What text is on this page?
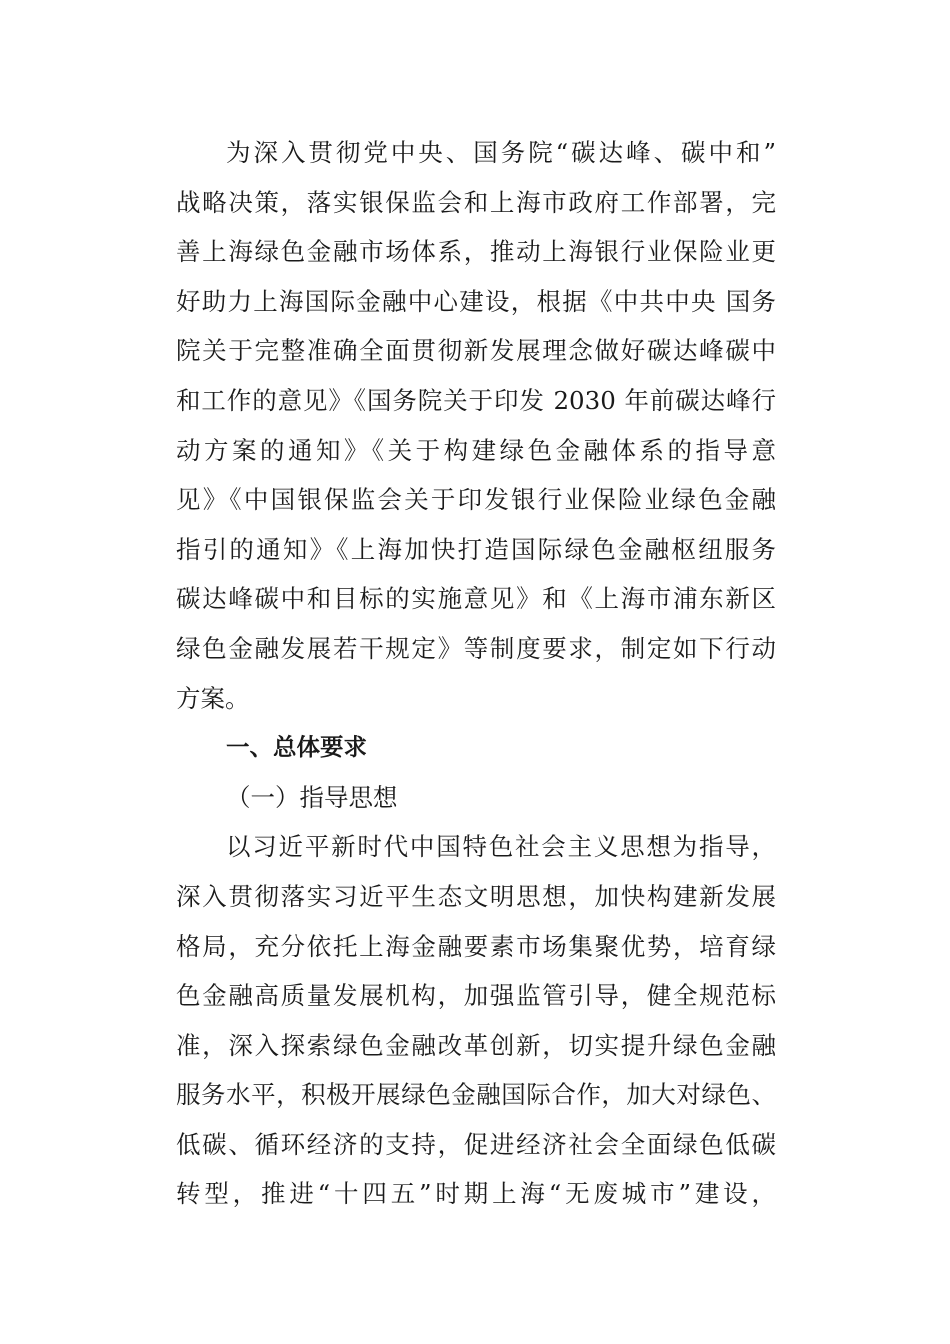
为深入贯彻党中央、国务院“碳达峰、碳中和”
战略决策，落实银保监会和上海市政府工作部署，完
善上海绿色金融市场体系，推动上海银行业保险业更
好助力上海国际金融中心建设，根据《中共中央 国务
院关于完整准确全面贯彻新发展理念做好碳达峰碳中
和工作的意见》《国务院关于印发 2030 年前碳达峰行
动方案的通知》《关于构建绿色金融体系的指导意
见》《中国银保监会关于印发银行业保险业绿色金融
指引的通知》《上海加快打造国际绿色金融枢纽服务
碳达峰碳中和目标的实施意见》和《上海市浦东新区
绿色金融发展若干规定》等制度要求，制定如下行动
方案。
一、总体要求
（一）指导思想
以习近平新时代中国特色社会主义思想为指导，
深入贯彻落实习近平生态文明思想，加快构建新发展
格局，充分依托上海金融要素市场集聚优势，培育绿
色金融高质量发展机构，加强监管引导，健全规范标
准，深入探索绿色金融改革创新，切实提升绿色金融
服务水平，积极开展绿色金融国际合作，加大对绿色、
低碳、循环经济的支持，促进经济社会全面绿色低碳
转型，推进“十四五”时期上海“无废城市”建设，
